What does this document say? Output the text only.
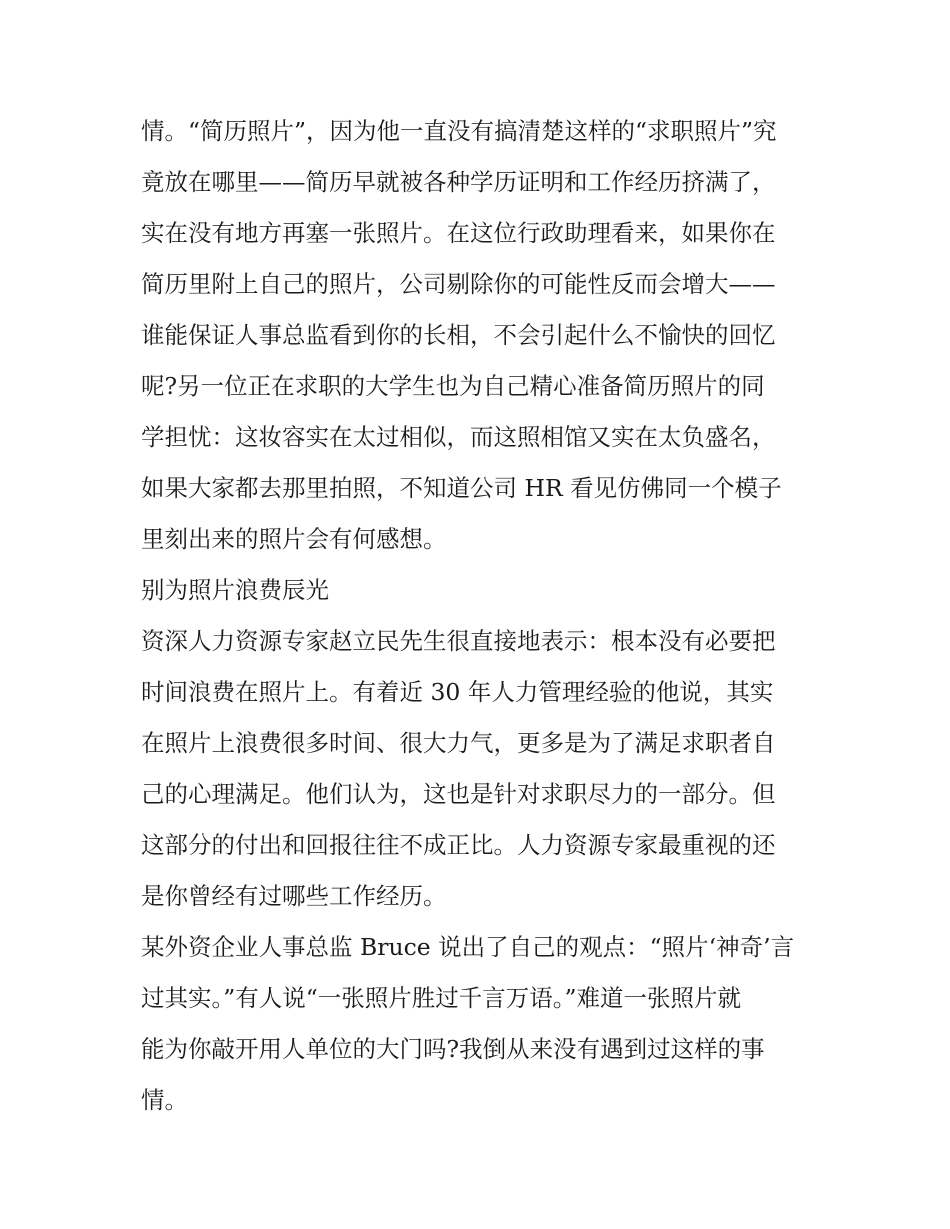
情。“简历照片”，因为他一直没有搞清楚这样的“求职照片”究
竟放在哪里——简历早就被各种学历证明和工作经历挤满了，
实在没有地方再塞一张照片。在这位行政助理看来，如果你在
简历里附上自己的照片，公司剔除你的可能性反而会增大——
谁能保证人事总监看到你的长相，不会引起什么不愉快的回忆
呢?另一位正在求职的大学生也为自己精心准备简历照片的同
学担忧：这妆容实在太过相似，而这照相馆又实在太负盛名，
如果大家都去那里拍照，不知道公司 HR 看见仿佛同一个模子
里刻出来的照片会有何感想。
别为照片浪费辰光
资深人力资源专家赵立民先生很直接地表示：根本没有必要把
时间浪费在照片上。有着近 30 年人力管理经验的他说，其实
在照片上浪费很多时间、很大力气，更多是为了满足求职者自
己的心理满足。他们认为，这也是针对求职尽力的一部分。但
这部分的付出和回报往往不成正比。人力资源专家最重视的还
是你曾经有过哪些工作经历。
某外资企业人事总监 Bruce 说出了自己的观点：“照片‘神奇’言
过其实。”有人说“一张照片胜过千言万语。”难道一张照片就
能为你敲开用人单位的大门吗?我倒从来没有遇到过这样的事
情。
